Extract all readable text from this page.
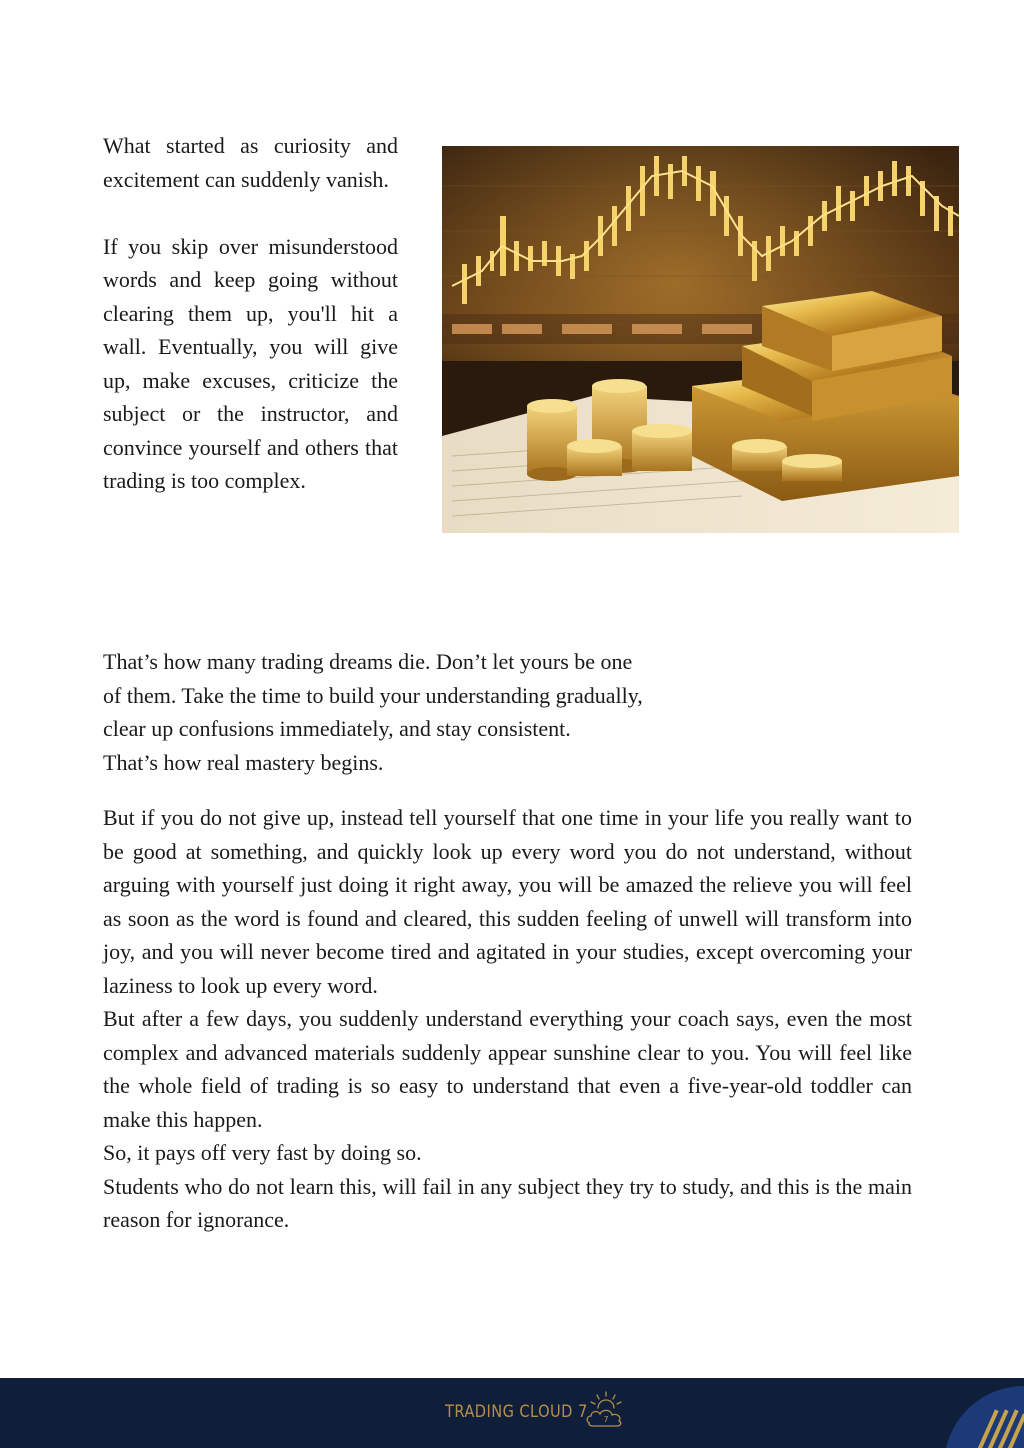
What started as curiosity and excitement can suddenly vanish.

If you skip over misunderstood words and keep going without clearing them up, you'll hit a wall. Eventually, you will give up, make excuses, criticize the subject or the instructor, and convince yourself and others that trading is too complex.

That’s how many trading dreams die. Don’t let yours be one
of them. Take the time to build your understanding gradually,
clear up confusions immediately, and stay consistent.
That’s how real mastery begins.

But if you do not give up, instead tell yourself that one time in your life you really want to be good at something, and quickly look up every word you do not understand, without arguing with yourself just doing it right away, you will be amazed the relieve you will feel as soon as the word is found and cleared, this sudden feeling of unwell will transform into joy, and you will never become tired and agitated in your studies, except overcoming your laziness to look up every word.

But after a few days, you suddenly understand everything your coach says, even the most complex and advanced materials suddenly appear sunshine clear to you. You will feel like the whole field of trading is so easy to understand that even a five-year-old toddler can make this happen.

So, it pays off very fast by doing so.

Students who do not learn this, will fail in any subject they try to study, and this is the main reason for ignorance.

TRADING CLOUD 7 7
